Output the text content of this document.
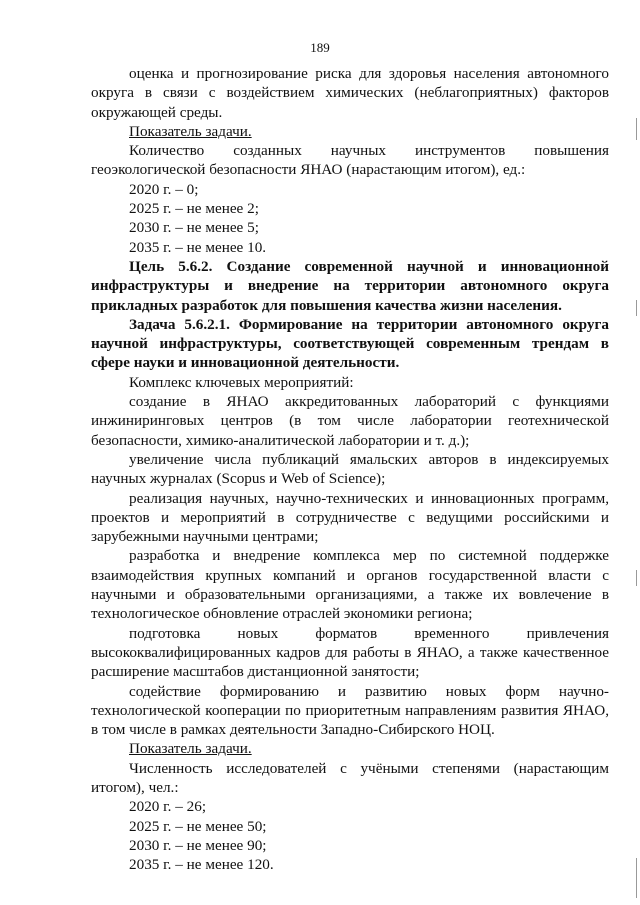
189

оценка и прогнозирование риска для здоровья населения автономного округа в связи с воздействием химических (неблагоприятных) факторов окружающей среды.

Показатель задачи.

Количество созданных научных инструментов повышения геоэкологической безопасности ЯНАО (нарастающим итогом), ед.:

2020 г. – 0;

2025 г. – не менее 2;

2030 г. – не менее 5;

2035 г. – не менее 10.

Цель 5.6.2. Создание современной научной и инновационной инфраструктуры и внедрение на территории автономного округа прикладных разработок для повышения качества жизни населения.

Задача 5.6.2.1. Формирование на территории автономного округа научной инфраструктуры, соответствующей современным трендам в сфере науки и инновационной деятельности.

Комплекс ключевых мероприятий:

создание в ЯНАО аккредитованных лабораторий с функциями инжиниринговых центров (в том числе лаборатории геотехнической безопасности, химико-аналитической лаборатории и т. д.);

увеличение числа публикаций ямальских авторов в индексируемых научных журналах (Scopus и Web of Science);

реализация научных, научно-технических и инновационных программ, проектов и мероприятий в сотрудничестве с ведущими российскими и зарубежными научными центрами;

разработка и внедрение комплекса мер по системной поддержке взаимодействия крупных компаний и органов государственной власти с научными и образовательными организациями, а также их вовлечение в технологическое обновление отраслей экономики региона;

подготовка новых форматов временного привлечения высококвалифицированных кадров для работы в ЯНАО, а также качественное расширение масштабов дистанционной занятости;

содействие формированию и развитию новых форм научно-технологической кооперации по приоритетным направлениям развития ЯНАО, в том числе в рамках деятельности Западно-Сибирского НОЦ.

Показатель задачи.

Численность исследователей с учёными степенями (нарастающим итогом), чел.:

2020 г. – 26;

2025 г. – не менее 50;

2030 г. – не менее 90;

2035 г. – не менее 120.
